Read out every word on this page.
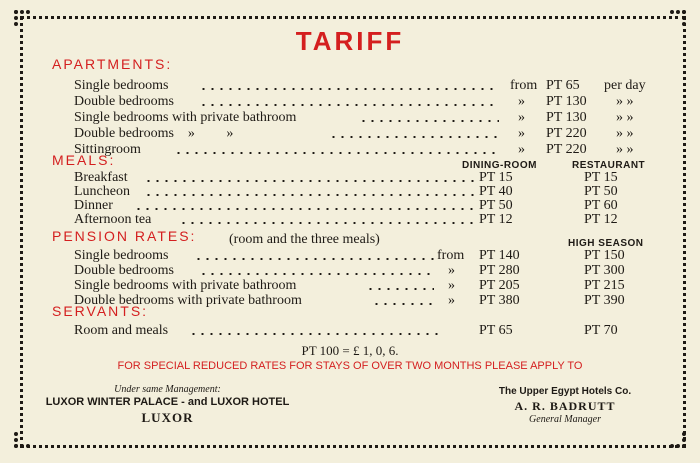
TARIFF
APARTMENTS:
Single bedrooms	from PT 65 per day
Double bedrooms	» PT 130 » »
Single bedrooms with private bathroom	» PT 130 » »
Double bedrooms    »         »	» PT 220 » »
Sittingroom	» PT 220 » »
MEALS:	DINING-ROOM	RESTAURANT
Breakfast	PT 15	PT 15
Luncheon	PT 40	PT 50
Dinner	PT 50	PT 60
Afternoon tea	PT 12	PT 12
PENSION RATES: (room and the three meals)	HIGH SEASON
Single bedrooms	from PT 140	PT 150
Double bedrooms	» PT 280	PT 300
Single bedrooms with private bathroom	» PT 205	PT 215
Double bedrooms with private bathroom	» PT 380	PT 390
SERVANTS:
Room and meals	PT 65	PT 70
PT 100 = £ 1, 0, 6.
FOR SPECIAL REDUCED RATES FOR STAYS OF OVER TWO MONTHS PLEASE APPLY TO
Under same Management:
LUXOR WINTER PALACE - and LUXOR HOTEL
LUXOR
The Upper Egypt Hotels Co.
A. R. BADRUTT
General Manager
